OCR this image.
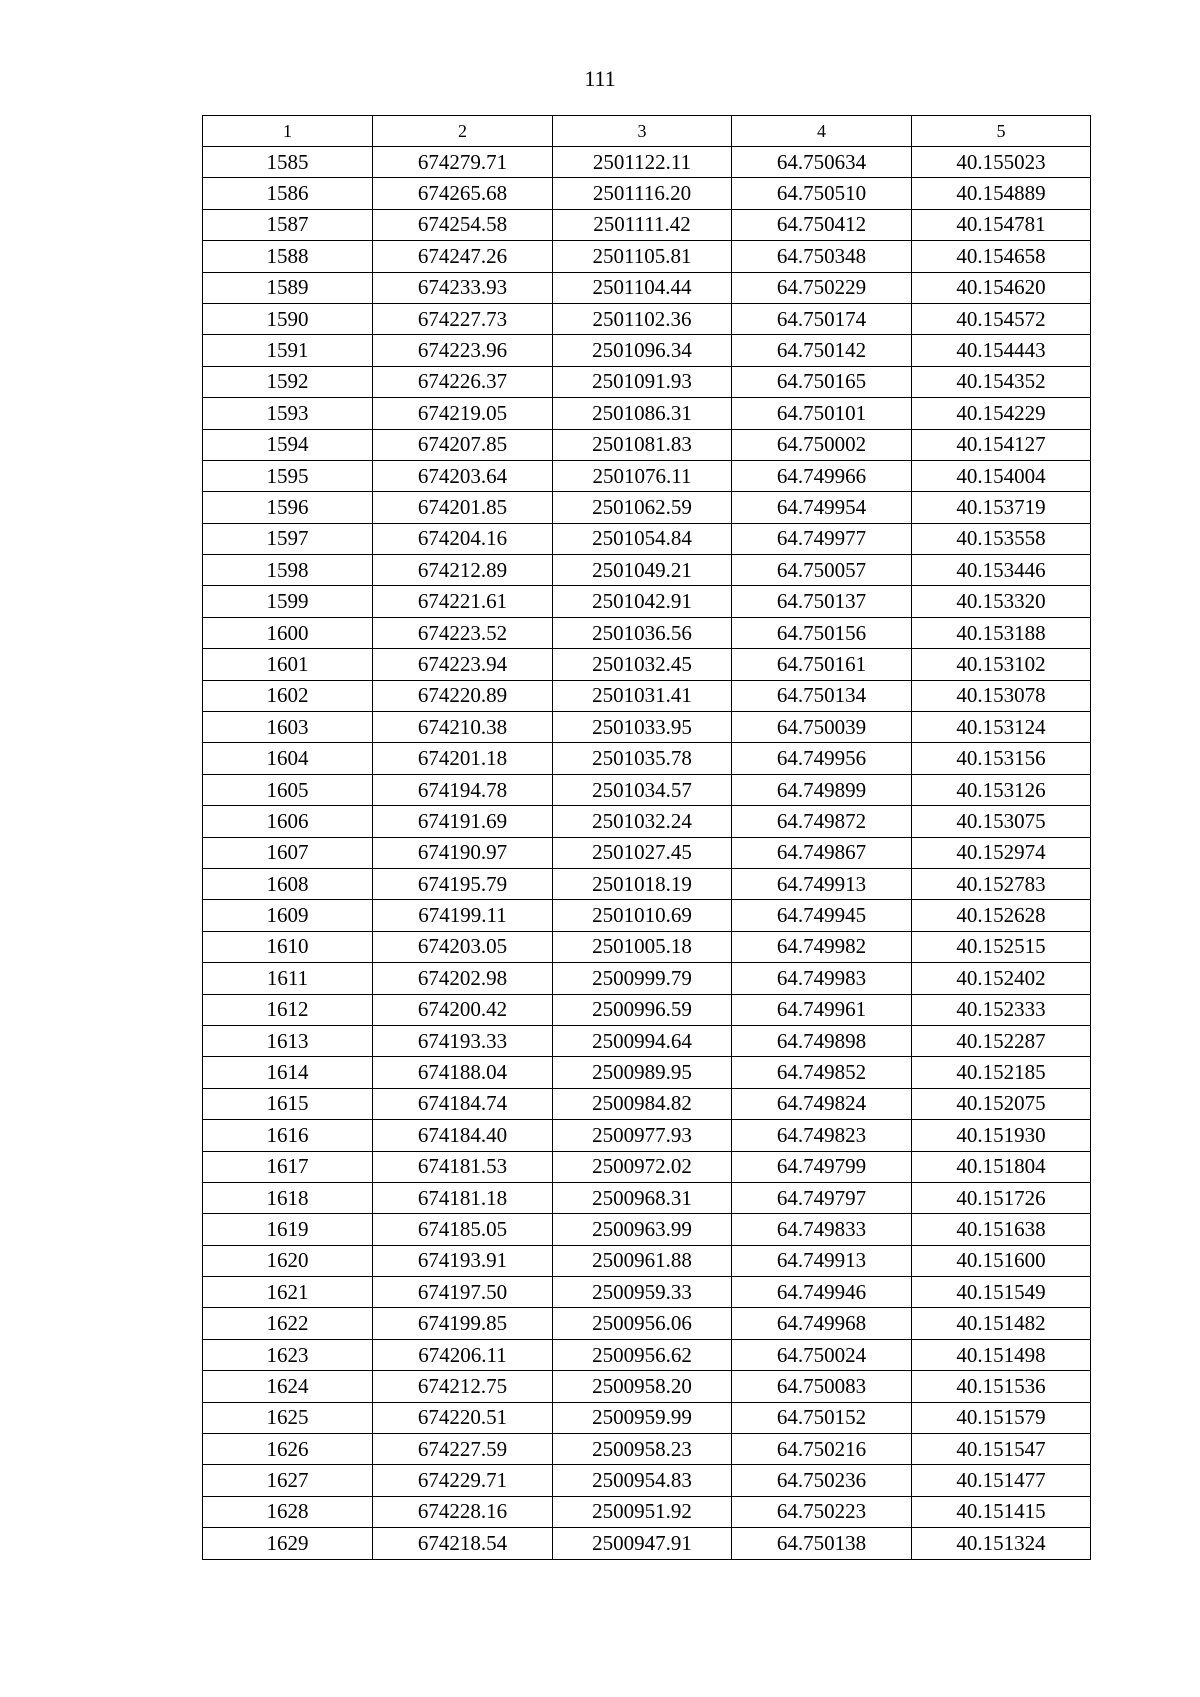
111
1	2	3	4	5
1585	674279.71	2501122.11	64.750634	40.155023
1586	674265.68	2501116.20	64.750510	40.154889
1587	674254.58	2501111.42	64.750412	40.154781
1588	674247.26	2501105.81	64.750348	40.154658
1589	674233.93	2501104.44	64.750229	40.154620
1590	674227.73	2501102.36	64.750174	40.154572
1591	674223.96	2501096.34	64.750142	40.154443
1592	674226.37	2501091.93	64.750165	40.154352
1593	674219.05	2501086.31	64.750101	40.154229
1594	674207.85	2501081.83	64.750002	40.154127
1595	674203.64	2501076.11	64.749966	40.154004
1596	674201.85	2501062.59	64.749954	40.153719
1597	674204.16	2501054.84	64.749977	40.153558
1598	674212.89	2501049.21	64.750057	40.153446
1599	674221.61	2501042.91	64.750137	40.153320
1600	674223.52	2501036.56	64.750156	40.153188
1601	674223.94	2501032.45	64.750161	40.153102
1602	674220.89	2501031.41	64.750134	40.153078
1603	674210.38	2501033.95	64.750039	40.153124
1604	674201.18	2501035.78	64.749956	40.153156
1605	674194.78	2501034.57	64.749899	40.153126
1606	674191.69	2501032.24	64.749872	40.153075
1607	674190.97	2501027.45	64.749867	40.152974
1608	674195.79	2501018.19	64.749913	40.152783
1609	674199.11	2501010.69	64.749945	40.152628
1610	674203.05	2501005.18	64.749982	40.152515
1611	674202.98	2500999.79	64.749983	40.152402
1612	674200.42	2500996.59	64.749961	40.152333
1613	674193.33	2500994.64	64.749898	40.152287
1614	674188.04	2500989.95	64.749852	40.152185
1615	674184.74	2500984.82	64.749824	40.152075
1616	674184.40	2500977.93	64.749823	40.151930
1617	674181.53	2500972.02	64.749799	40.151804
1618	674181.18	2500968.31	64.749797	40.151726
1619	674185.05	2500963.99	64.749833	40.151638
1620	674193.91	2500961.88	64.749913	40.151600
1621	674197.50	2500959.33	64.749946	40.151549
1622	674199.85	2500956.06	64.749968	40.151482
1623	674206.11	2500956.62	64.750024	40.151498
1624	674212.75	2500958.20	64.750083	40.151536
1625	674220.51	2500959.99	64.750152	40.151579
1626	674227.59	2500958.23	64.750216	40.151547
1627	674229.71	2500954.83	64.750236	40.151477
1628	674228.16	2500951.92	64.750223	40.151415
1629	674218.54	2500947.91	64.750138	40.151324
